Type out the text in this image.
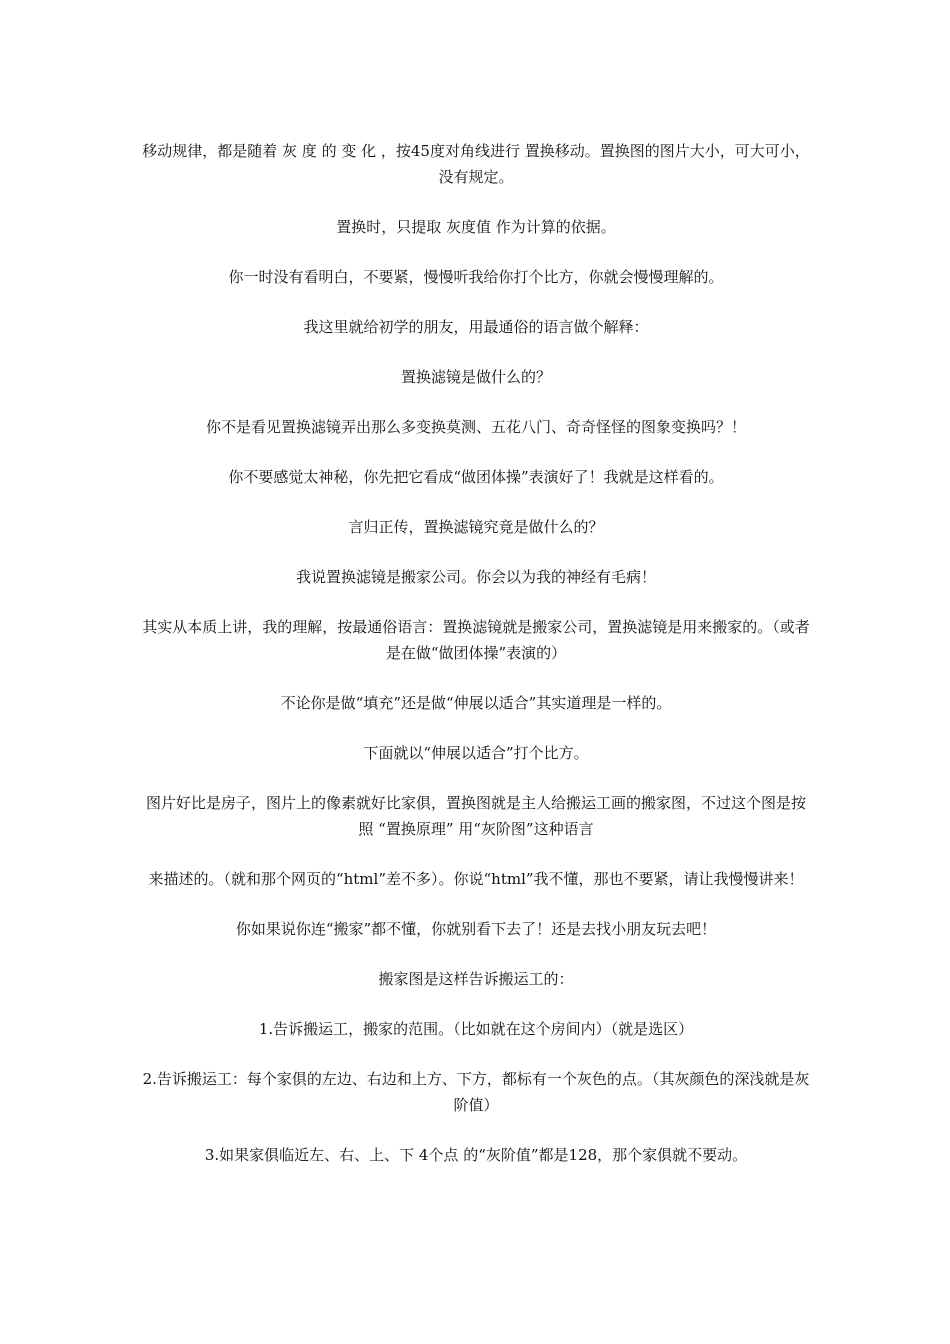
移动规律，都是随着 灰 度 的 变 化 ，按45度对角线进行 置换移动。置换图的图片大小，可大可小，没有规定。

置换时，只提取 灰度值 作为计算的依据。

你一时没有看明白，不要紧，慢慢听我给你打个比方，你就会慢慢理解的。

我这里就给初学的朋友，用最通俗的语言做个解释：

置换滤镜是做什么的？

你不是看见置换滤镜弄出那么多变换莫测、五花八门、奇奇怪怪的图象变换吗？！

你不要感觉太神秘，你先把它看成“做团体操”表演好了！我就是这样看的。

言归正传，置换滤镜究竟是做什么的？

我说置换滤镜是搬家公司。你会以为我的神经有毛病！

其实从本质上讲，我的理解，按最通俗语言：置换滤镜就是搬家公司，置换滤镜是用来搬家的。（或者是在做“做团体操”表演的）

不论你是做“填充”还是做“伸展以适合”其实道理是一样的。

下面就以“伸展以适合”打个比方。

图片好比是房子，图片上的像素就好比家俱，置换图就是主人给搬运工画的搬家图，不过这个图是按照 “置换原理” 用“灰阶图”这种语言

来描述的。（就和那个网页的“html”差不多）。你说“html”我不懂，那也不要紧，请让我慢慢讲来！

你如果说你连“搬家”都不懂，你就别看下去了！还是去找小朋友玩去吧！

搬家图是这样告诉搬运工的：

1.告诉搬运工，搬家的范围。（比如就在这个房间内）（就是选区）

2.告诉搬运工：每个家俱的左边、右边和上方、下方，都标有一个灰色的点。（其灰颜色的深浅就是灰阶值）

3.如果家俱临近左、右、上、下 4个点 的“灰阶值”都是128，那个家俱就不要动。
